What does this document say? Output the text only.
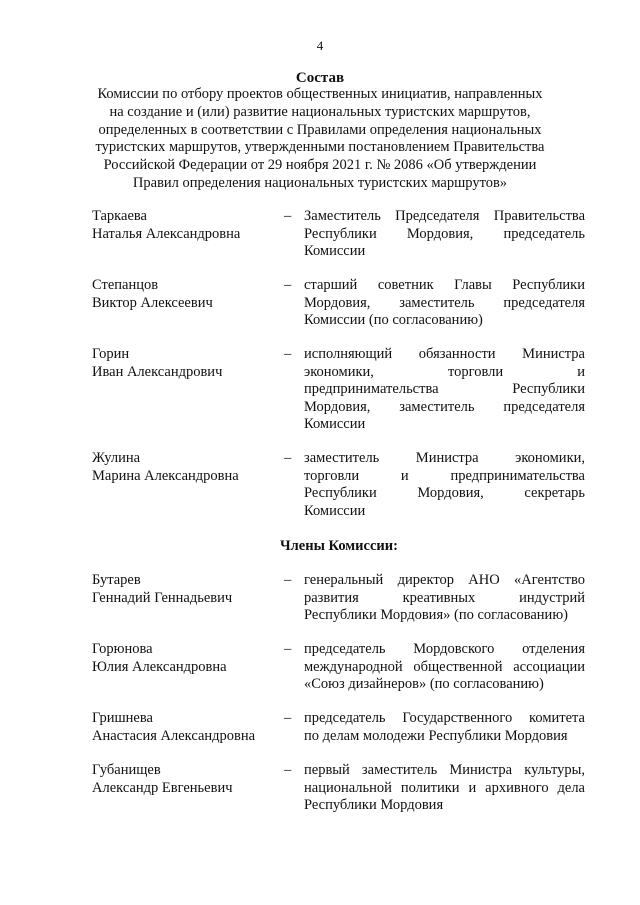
4
Состав
Комиссии по отбору проектов общественных инициатив, направленных
на создание и (или) развитие национальных туристских маршрутов,
определенных в соответствии с Правилами определения национальных
туристских маршрутов, утвержденными постановлением Правительства
Российской Федерации от 29 ноября 2021 г. № 2086 «Об утверждении
Правил определения национальных туристских маршрутов»
Таркаева
Наталья Александровна
– Заместитель Председателя Правительства
Республики Мордовия, председатель
Комиссии
Степанцов
Виктор Алексеевич
– старший советник Главы Республики
Мордовия, заместитель председателя
Комиссии (по согласованию)
Горин
Иван Александрович
– исполняющий обязанности Министра
экономики, торговли и
предпринимательства Республики
Мордовия, заместитель председателя
Комиссии
Жулина
Марина Александровна
– заместитель Министра экономики,
торговли и предпринимательства
Республики Мордовия, секретарь
Комиссии
Члены Комиссии:
Бутарев
Геннадий Геннадьевич
– генеральный директор АНО «Агентство
развития креативных индустрий
Республики Мордовия» (по согласованию)
Горюнова
Юлия Александровна
– председатель Мордовского отделения
международной общественной ассоциации
«Союз дизайнеров» (по согласованию)
Гришнева
Анастасия Александровна
– председатель Государственного комитета
по делам молодежи Республики Мордовия
Губанищев
Александр Евгеньевич
– первый заместитель Министра культуры,
национальной политики и архивного дела
Республики Мордовия
